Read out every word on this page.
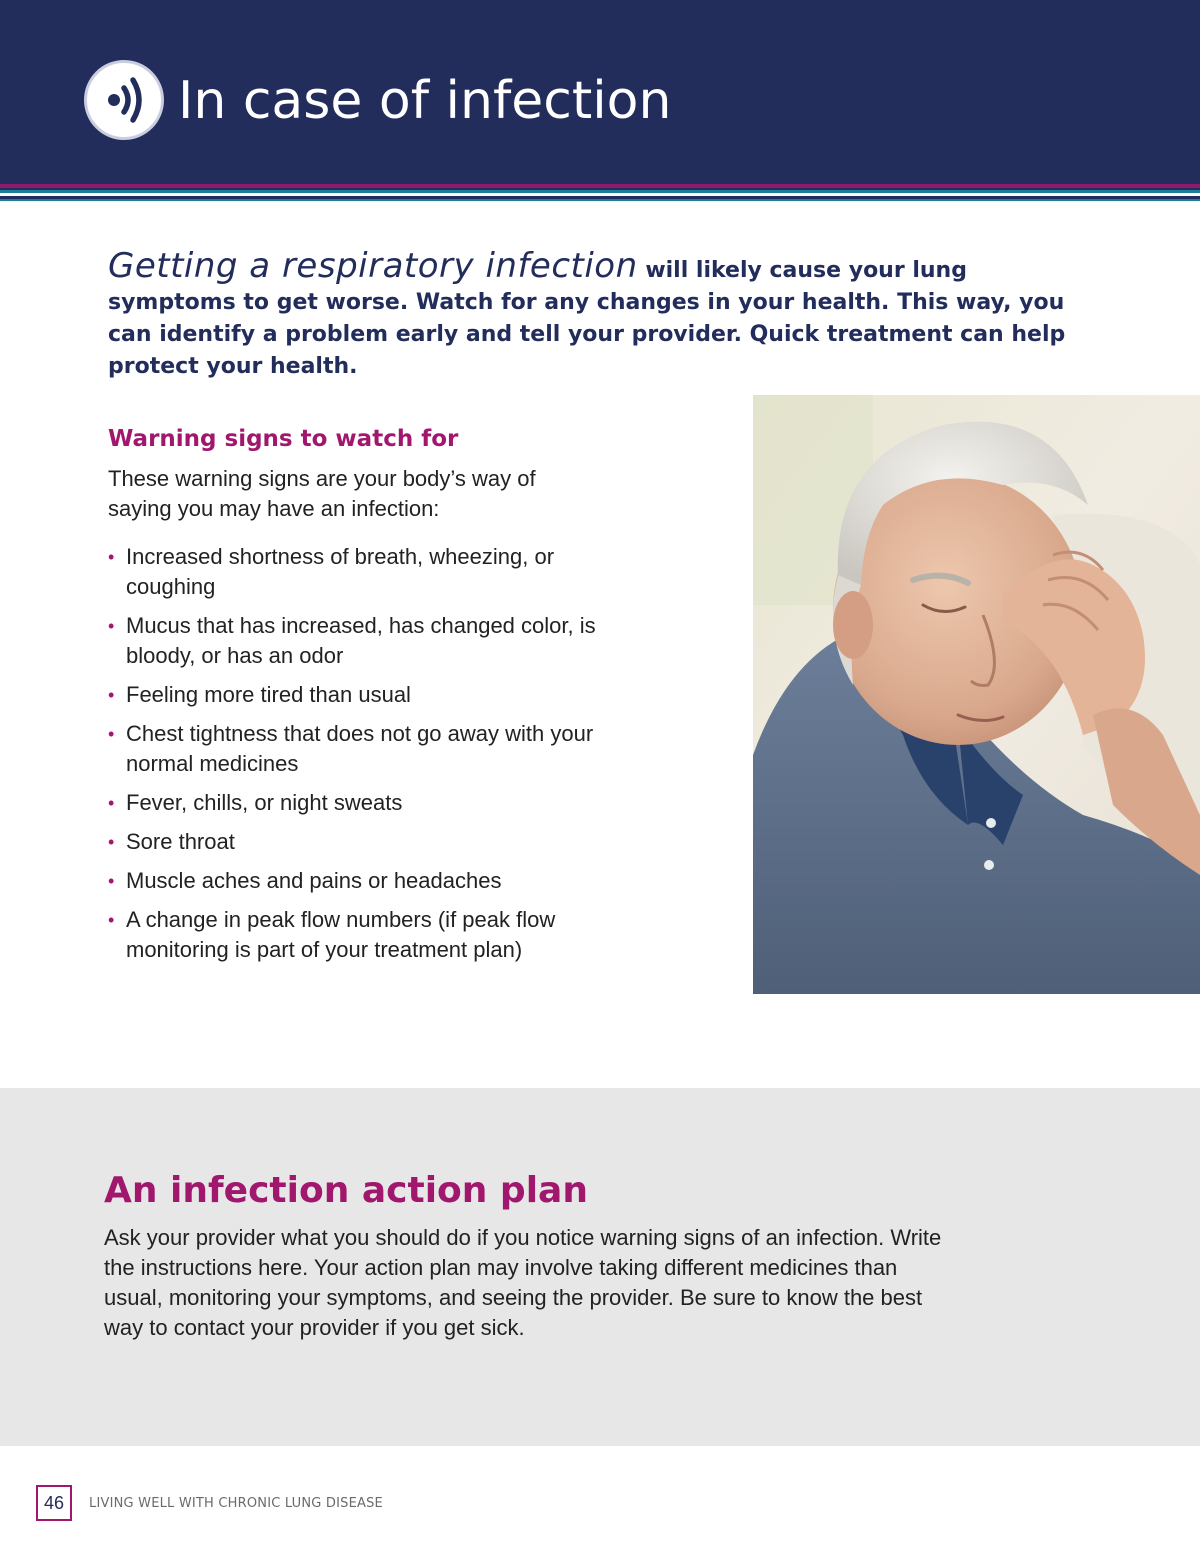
In case of infection

Getting a respiratory infection will likely cause your lung symptoms to get worse. Watch for any changes in your health. This way, you can identify a problem early and tell your provider. Quick treatment can help protect your health.

Warning signs to watch for

These warning signs are your body’s way of saying you may have an infection:

• Increased shortness of breath, wheezing, or coughing
• Mucus that has increased, has changed color, is bloody, or has an odor
• Feeling more tired than usual
• Chest tightness that does not go away with your normal medicines
• Fever, chills, or night sweats
• Sore throat
• Muscle aches and pains or headaches
• A change in peak flow numbers (if peak flow monitoring is part of your treatment plan)
An infection action plan

Ask your provider what you should do if you notice warning signs of an infection. Write the instructions here. Your action plan may involve taking different medicines than usual, monitoring your symptoms, and seeing the provider. Be sure to know the best way to contact your provider if you get sick.

46	LIVING WELL WITH CHRONIC LUNG DISEASE
